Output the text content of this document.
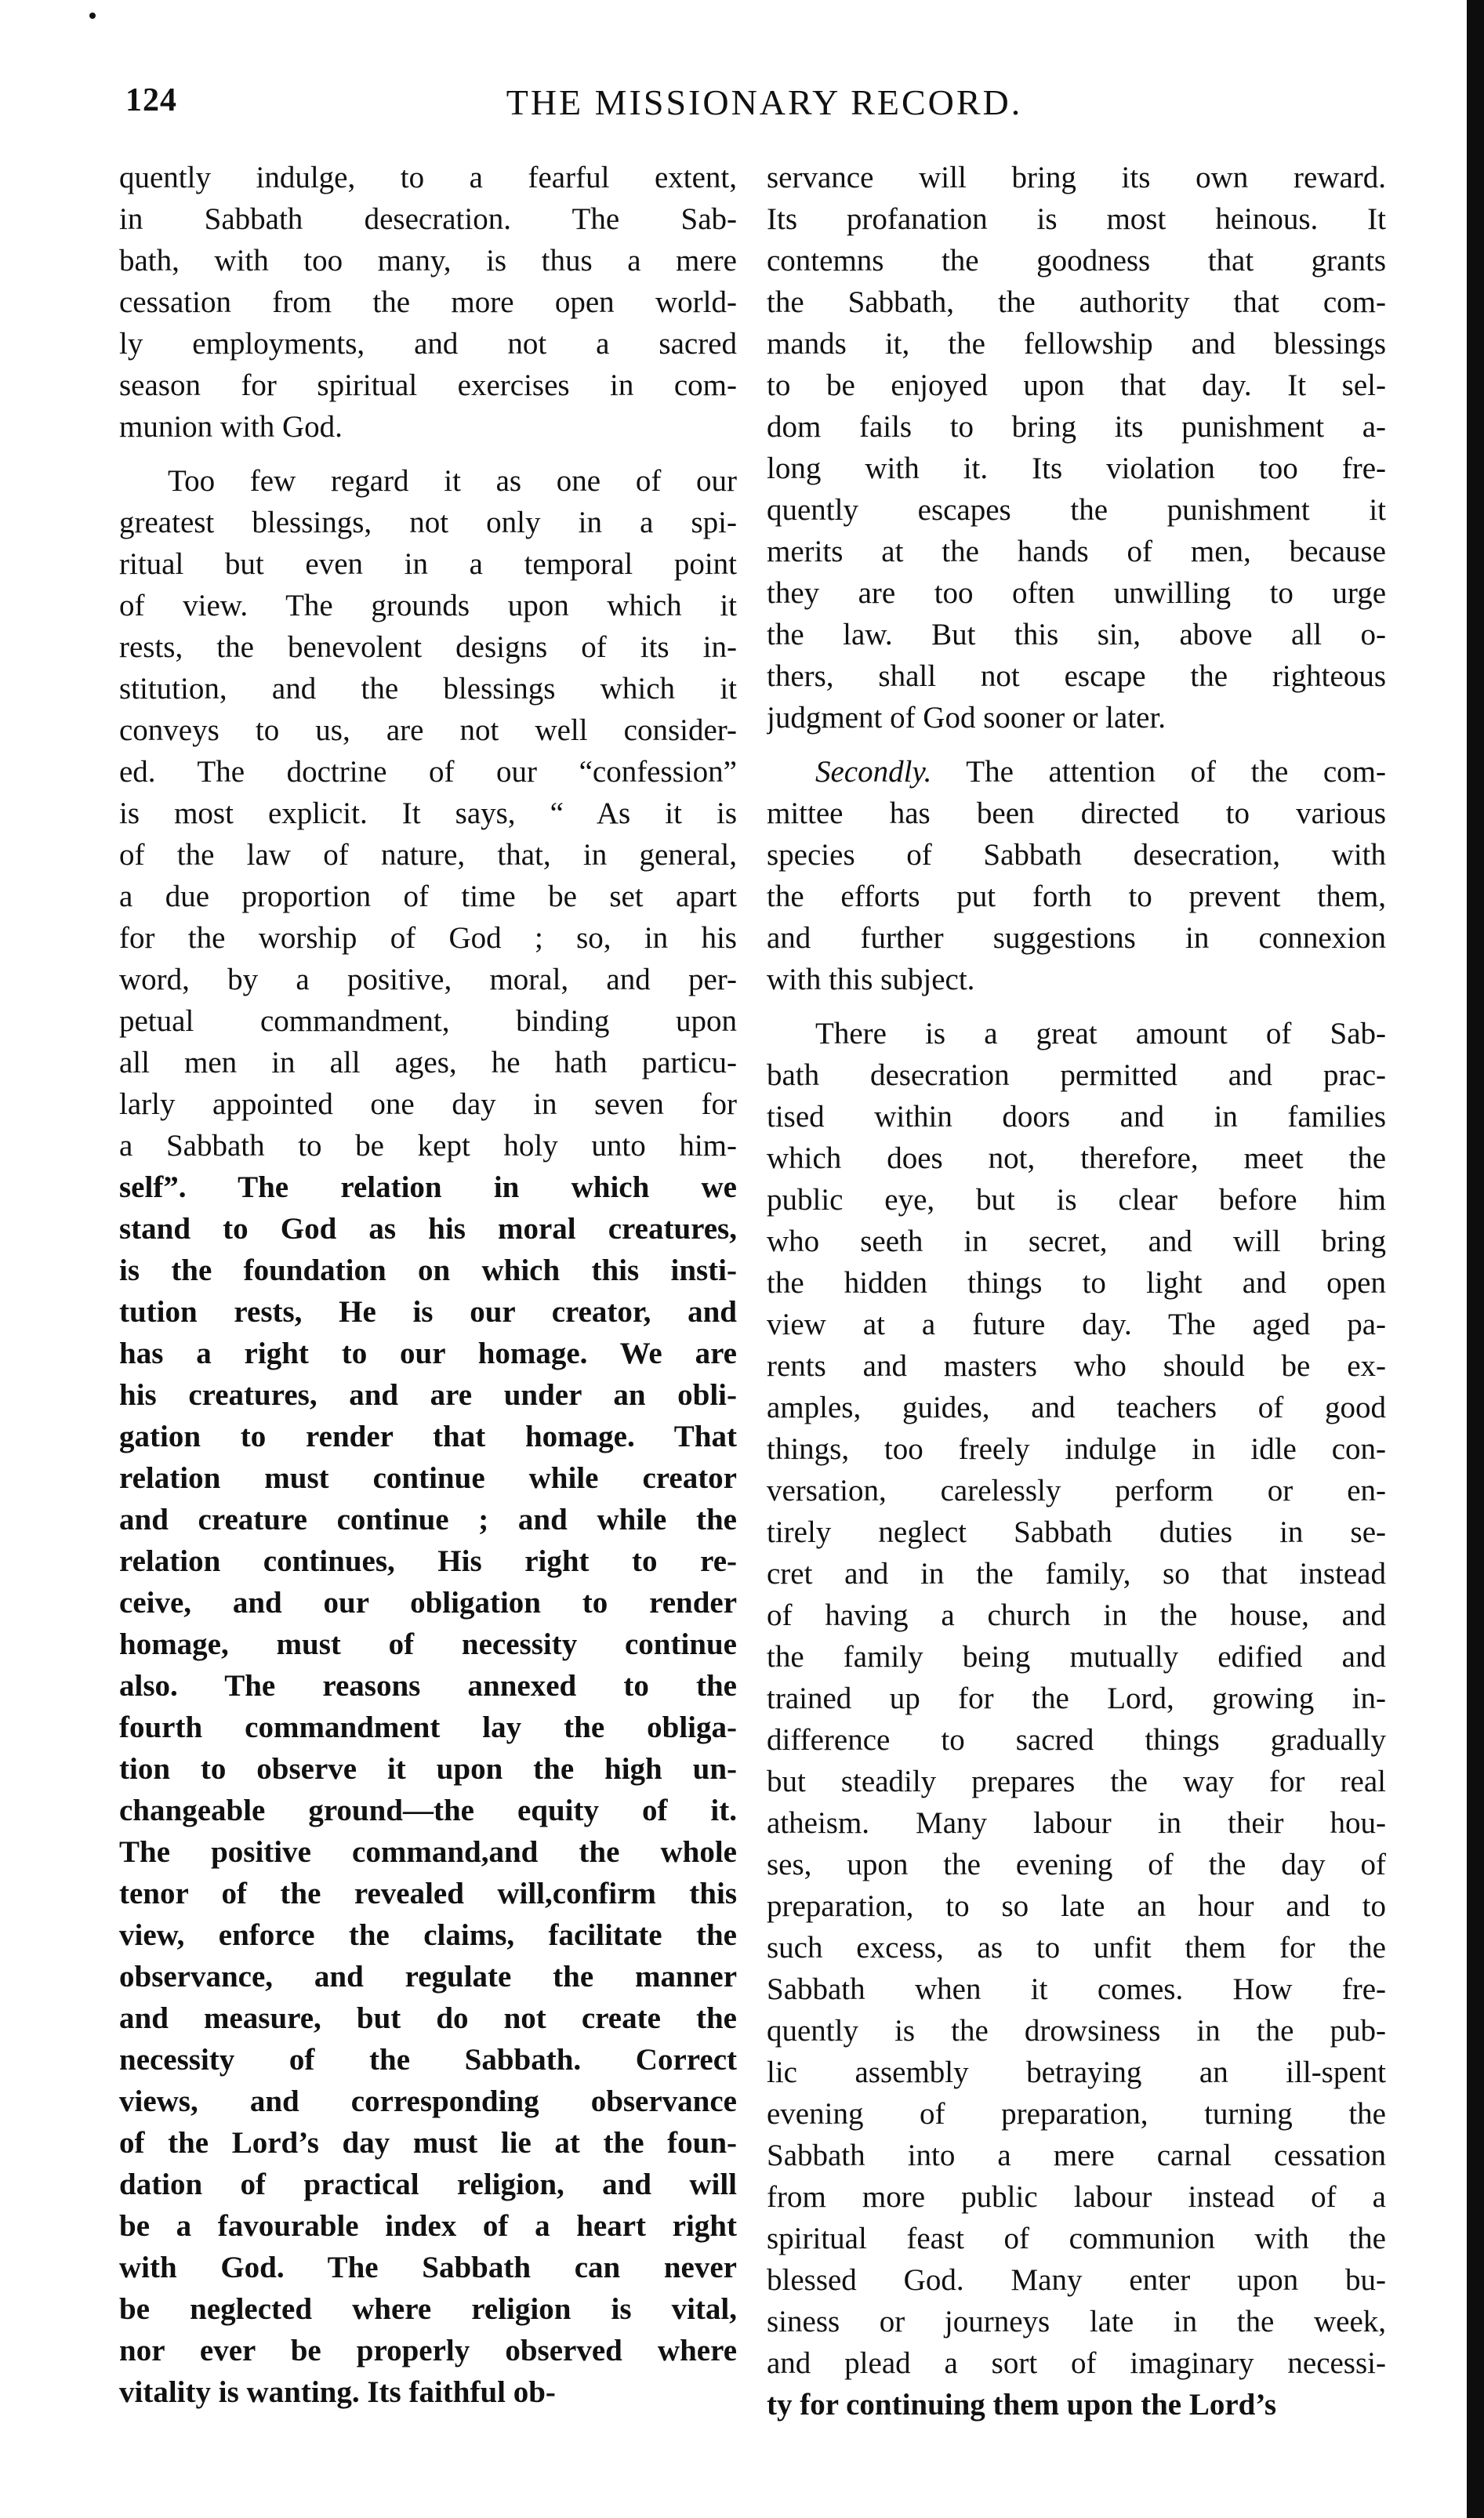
124	THE MISSIONARY RECORD.
quently indulge, to a fearful extent,
in Sabbath desecration. The Sab-
bath, with too many, is thus a mere
cessation from the more open world-
ly employments, and not a sacred
season for spiritual exercises in com-
munion with God.
Too few regard it as one of our
greatest blessings, not only in a spi-
ritual but even in a temporal point
of view. The grounds upon which it
rests, the benevolent designs of its in-
stitution, and the blessings which it
conveys to us, are not well consider-
ed. The doctrine of our “confession”
is most explicit. It says, “ As it is
of the law of nature, that, in general,
a due proportion of time be set apart
for the worship of God ; so, in his
word, by a positive, moral, and per-
petual commandment, binding upon
all men in all ages, he hath particu-
larly appointed one day in seven for
a Sabbath to be kept holy unto him-
self”. The relation in which we
stand to God as his moral creatures,
is the foundation on which this insti-
tution rests, He is our creator, and
has a right to our homage. We are
his creatures, and are under an obli-
gation to render that homage. That
relation must continue while creator
and creature continue ; and while the
relation continues, His right to re-
ceive, and our obligation to render
homage, must of necessity continue
also. The reasons annexed to the
fourth commandment lay the obliga-
tion to observe it upon the high un-
changeable ground—the equity of it.
The positive command,and the whole
tenor of the revealed will,confirm this
view, enforce the claims, facilitate the
observance, and regulate the manner
and measure, but do not create the
necessity of the Sabbath. Correct
views, and corresponding observance
of the Lord’s day must lie at the foun-
dation of practical religion, and will
be a favourable index of a heart right
with God. The Sabbath can never
be neglected where religion is vital,
nor ever be properly observed where
vitality is wanting. Its faithful ob-
servance will bring its own reward.
Its profanation is most heinous. It
contemns the goodness that grants
the Sabbath, the authority that com-
mands it, the fellowship and blessings
to be enjoyed upon that day. It sel-
dom fails to bring its punishment a-
long with it. Its violation too fre-
quently escapes the punishment it
merits at the hands of men, because
they are too often unwilling to urge
the law. But this sin, above all o-
thers, shall not escape the righteous
judgment of God sooner or later.
Secondly. The attention of the com-
mittee has been directed to various
species of Sabbath desecration, with
the efforts put forth to prevent them,
and further suggestions in connexion
with this subject.
There is a great amount of Sab-
bath desecration permitted and prac-
tised within doors and in families
which does not, therefore, meet the
public eye, but is clear before him
who seeth in secret, and will bring
the hidden things to light and open
view at a future day. The aged pa-
rents and masters who should be ex-
amples, guides, and teachers of good
things, too freely indulge in idle con-
versation, carelessly perform or en-
tirely neglect Sabbath duties in se-
cret and in the family, so that instead
of having a church in the house, and
the family being mutually edified and
trained up for the Lord, growing in-
difference to sacred things gradually
but steadily prepares the way for real
atheism. Many labour in their hou-
ses, upon the evening of the day of
preparation, to so late an hour and to
such excess, as to unfit them for the
Sabbath when it comes. How fre-
quently is the drowsiness in the pub-
lic assembly betraying an ill-spent
evening of preparation, turning the
Sabbath into a mere carnal cessation
from more public labour instead of a
spiritual feast of communion with the
blessed God. Many enter upon bu-
siness or journeys late in the week,
and plead a sort of imaginary necessi-
ty for continuing them upon the Lord’s
